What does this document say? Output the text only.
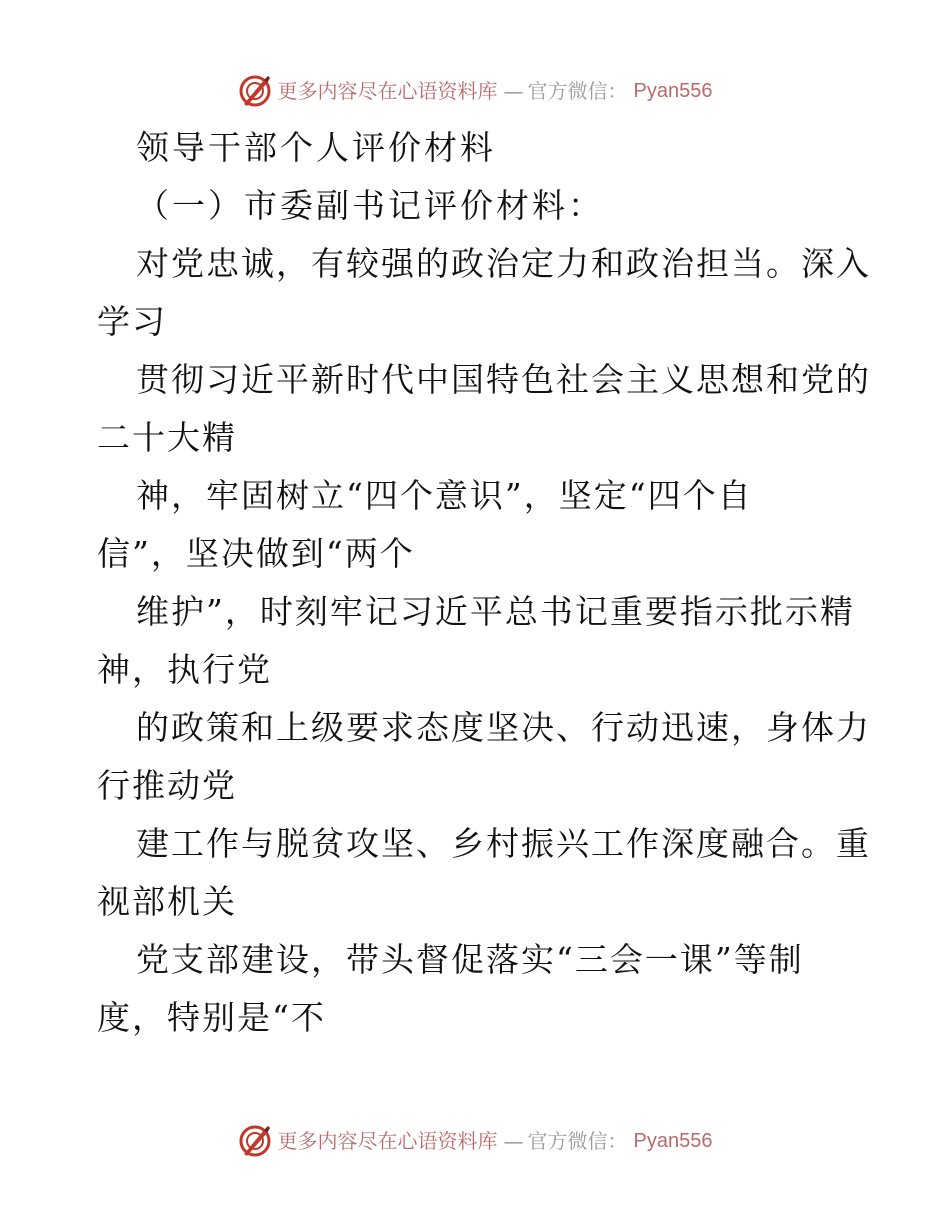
更多内容尽在心语资料库 — 官方微信： Pyan556
领导干部个人评价材料
（一）市委副书记评价材料：
对党忠诚，有较强的政治定力和政治担当。深入
学习
贯彻习近平新时代中国特色社会主义思想和党的
二十大精
神，牢固树立“四个意识”，坚定“四个自
信”，坚决做到“两个
维护”，时刻牢记习近平总书记重要指示批示精
神，执行党
的政策和上级要求态度坚决、行动迅速，身体力
行推动党
建工作与脱贫攻坚、乡村振兴工作深度融合。重
视部机关
党支部建设，带头督促落实“三会一课”等制
度，特别是“不
更多内容尽在心语资料库 — 官方微信： Pyan556
